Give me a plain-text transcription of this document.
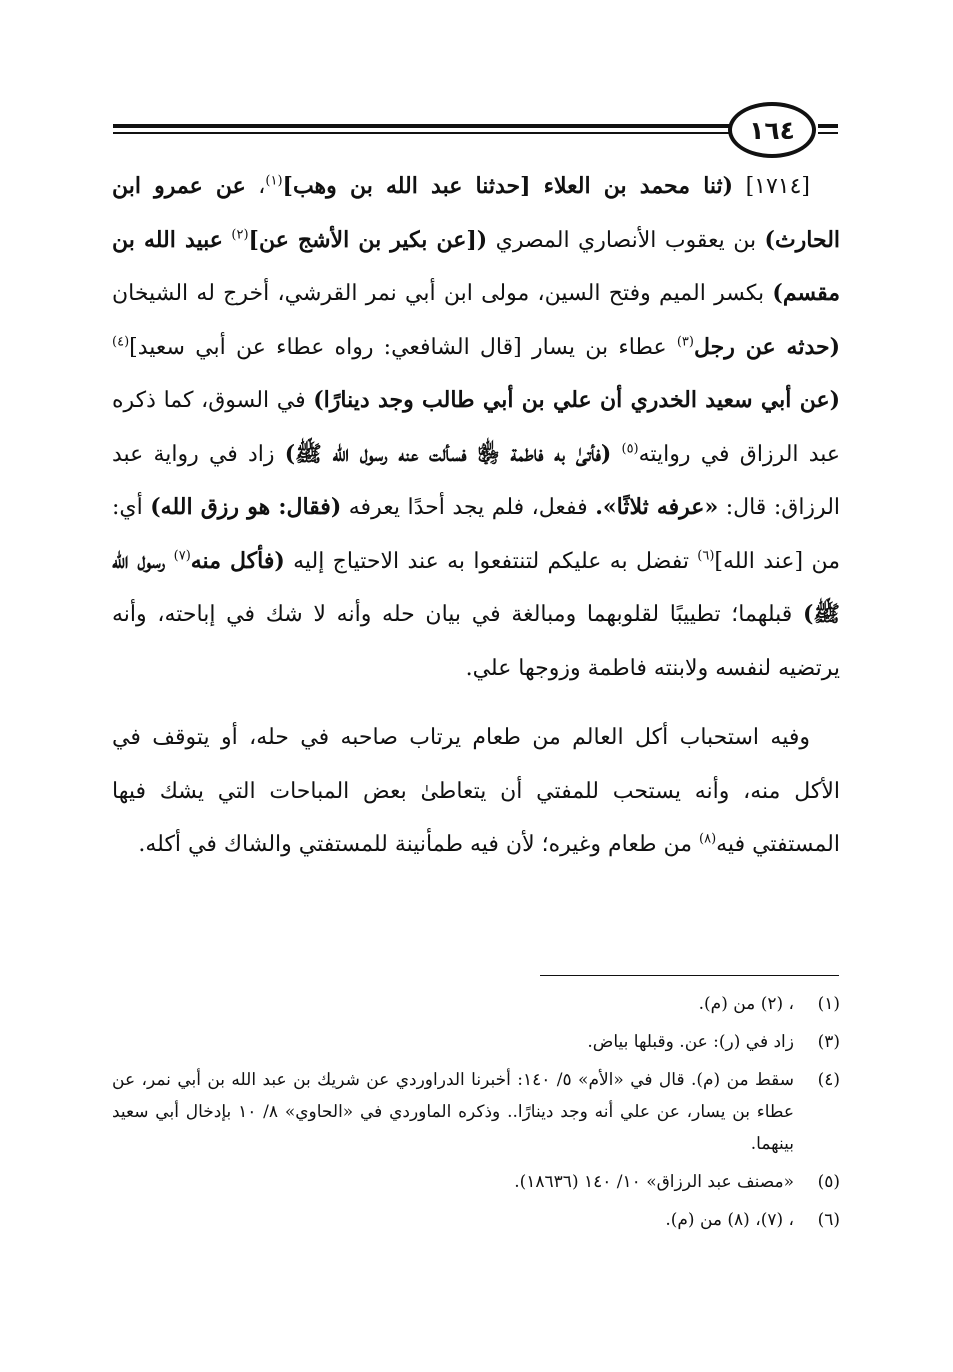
١٦٤

[١٧١٤] (ثنا محمد بن العلاء [حدثنا عبد الله بن وهب]$^{(١)}$، عن عمرو ابن الحارث) بن يعقوب الأنصاري المصري ([عن بكير بن الأشج عن]$^{(٢)}$ عبيد الله بن مقسم) بكسر الميم وفتح السين، مولى ابن أبي نمر القرشي، أخرج له الشيخان (حدثه عن رجل$^{(٣)}$ عطاء بن يسار [قال الشافعي: رواه عطاء عن أبي سعيد]$^{(٤)}$ (عن أبي سعيد الخدري أن علي بن أبي طالب وجد دينارًا) في السوق، كما ذكره عبد الرزاق في روايته$^{(٥)}$ (فأتىٰ به فاطمة ﵂ فسألت عنه رسول الله ﷺ) زاد في رواية عبد الرزاق: قال: «عرفه ثلاثًا». ففعل، فلم يجد أحدًا يعرفه (فقال: هو رزق الله) أي: من [عند الله]$^{(٦)}$ تفضل به عليكم لتنتفعوا به عند الاحتياج إليه (فأكل منه$^{(٧)}$ رسول الله ﷺ) قبلهما؛ تطييبًا لقلوبهما ومبالغة في بيان حله وأنه لا شك في إباحته، وأنه يرتضيه لنفسه ولابنته فاطمة وزوجها علي.

وفيه استحباب أكل العالم من طعام يرتاب صاحبه في حله، أو يتوقف في الأكل منه، وأنه يستحب للمفتي أن يتعاطىٰ بعض المباحات التي يشك فيها المستفتي فيه$^{(٨)}$ من طعام وغيره؛ لأن فيه طمأنينة للمستفتي والشاك في أكله.

(١)
، (٢) من (م).
(٣)
زاد في (ر): عن. وقبلها بياض.
(٤)
سقط من (م). قال في «الأم» ٥/ ١٤٠: أخبرنا الدراوردي عن شريك بن عبد الله بن أبي نمر، عن عطاء بن يسار، عن علي أنه وجد دينارًا.. وذكره الماوردي في «الحاوي» ٨/ ١٠ بإدخال أبي سعيد بينهما.
(٥)
«مصنف عبد الرزاق» ١٠/ ١٤٠ (١٨٦٣٦).
(٦)
، (٧)، (٨) من (م).
